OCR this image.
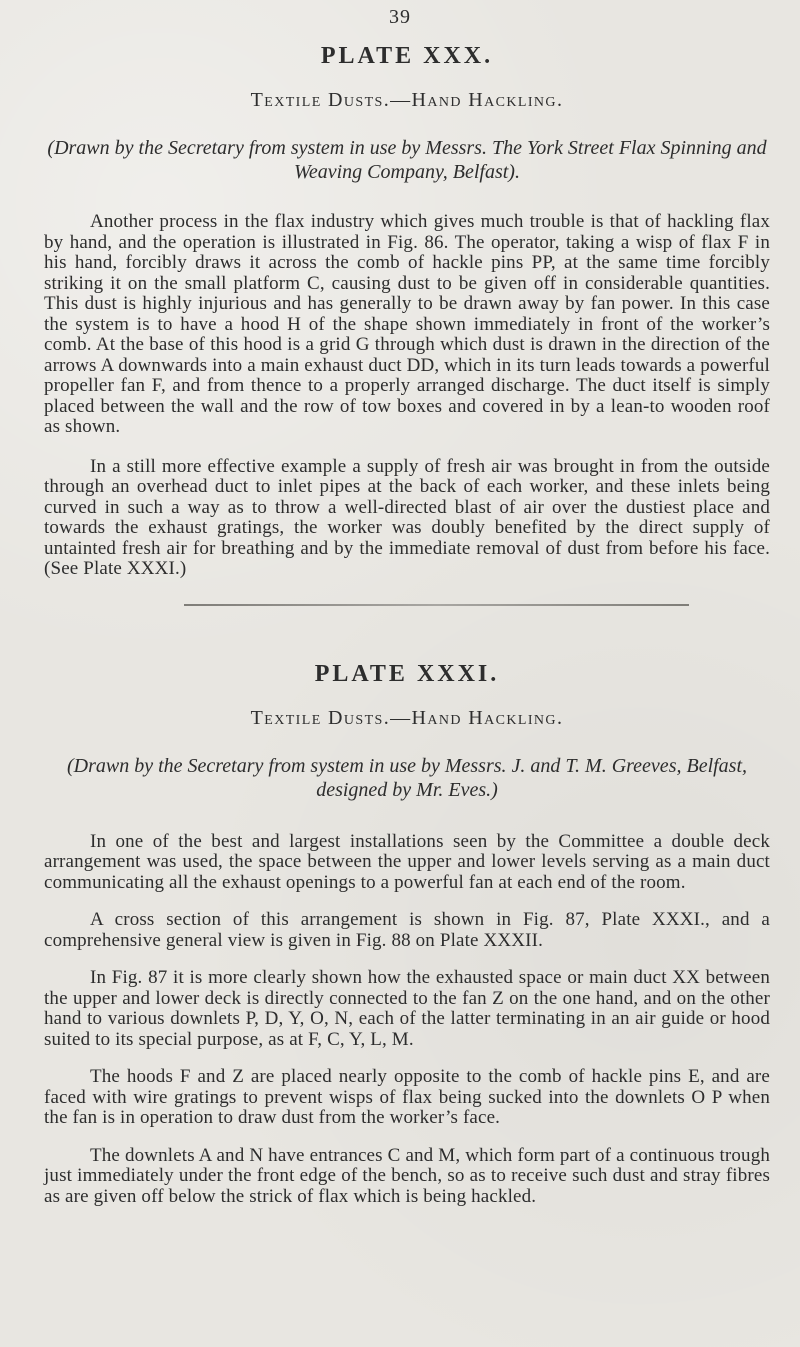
39
PLATE XXX.
Textile Dusts.—Hand Hackling.
(Drawn by the Secretary from system in use by Messrs. The York Street Flax Spinning and Weaving Company, Belfast).

Another process in the flax industry which gives much trouble is that of hackling flax by hand, and the operation is illustrated in Fig. 86. The operator, taking a wisp of flax F in his hand, forcibly draws it across the comb of hackle pins PP, at the same time forcibly striking it on the small platform C, causing dust to be given off in considerable quantities. This dust is highly injurious and has generally to be drawn away by fan power. In this case the system is to have a hood H of the shape shown immediately in front of the worker’s comb. At the base of this hood is a grid G through which dust is drawn in the direction of the arrows A downwards into a main exhaust duct DD, which in its turn leads towards a powerful propeller fan F, and from thence to a properly arranged discharge. The duct itself is simply placed between the wall and the row of tow boxes and covered in by a lean-to wooden roof as shown.

In a still more effective example a supply of fresh air was brought in from the outside through an overhead duct to inlet pipes at the back of each worker, and these inlets being curved in such a way as to throw a well-directed blast of air over the dustiest place and towards the exhaust gratings, the worker was doubly benefited by the direct supply of untainted fresh air for breathing and by the immediate removal of dust from before his face. (See Plate XXXI.)

PLATE XXXI.
Textile Dusts.—Hand Hackling.
(Drawn by the Secretary from system in use by Messrs. J. and T. M. Greeves, Belfast, designed by Mr. Eves.)

In one of the best and largest installations seen by the Committee a double deck arrangement was used, the space between the upper and lower levels serving as a main duct communicating all the exhaust openings to a powerful fan at each end of the room.

A cross section of this arrangement is shown in Fig. 87, Plate XXXI., and a comprehensive general view is given in Fig. 88 on Plate XXXII.

In Fig. 87 it is more clearly shown how the exhausted space or main duct XX between the upper and lower deck is directly connected to the fan Z on the one hand, and on the other hand to various downlets P, D, Y, O, N, each of the latter terminating in an air guide or hood suited to its special purpose, as at F, C, Y, L, M.

The hoods F and Z are placed nearly opposite to the comb of hackle pins E, and are faced with wire gratings to prevent wisps of flax being sucked into the downlets O P when the fan is in operation to draw dust from the worker’s face.

The downlets A and N have entrances C and M, which form part of a continuous trough just immediately under the front edge of the bench, so as to receive such dust and stray fibres as are given off below the strick of flax which is being hackled.
